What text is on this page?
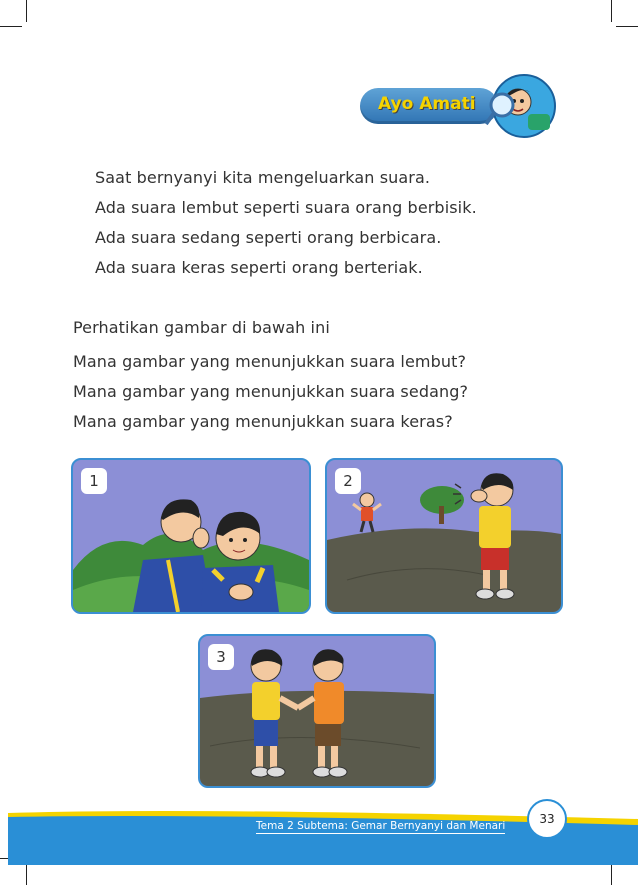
Ayo Amati
Saat bernyanyi kita mengeluarkan suara.
Ada suara lembut seperti suara orang berbisik.
Ada suara sedang seperti orang berbicara.
Ada suara keras seperti orang berteriak.
Perhatikan gambar di bawah ini
Mana gambar yang menunjukkan suara lembut?
Mana gambar yang menunjukkan suara sedang?
Mana gambar yang menunjukkan suara keras?
1	2
3
Tema 2 Subtema: Gemar Bernyanyi dan Menari	33
